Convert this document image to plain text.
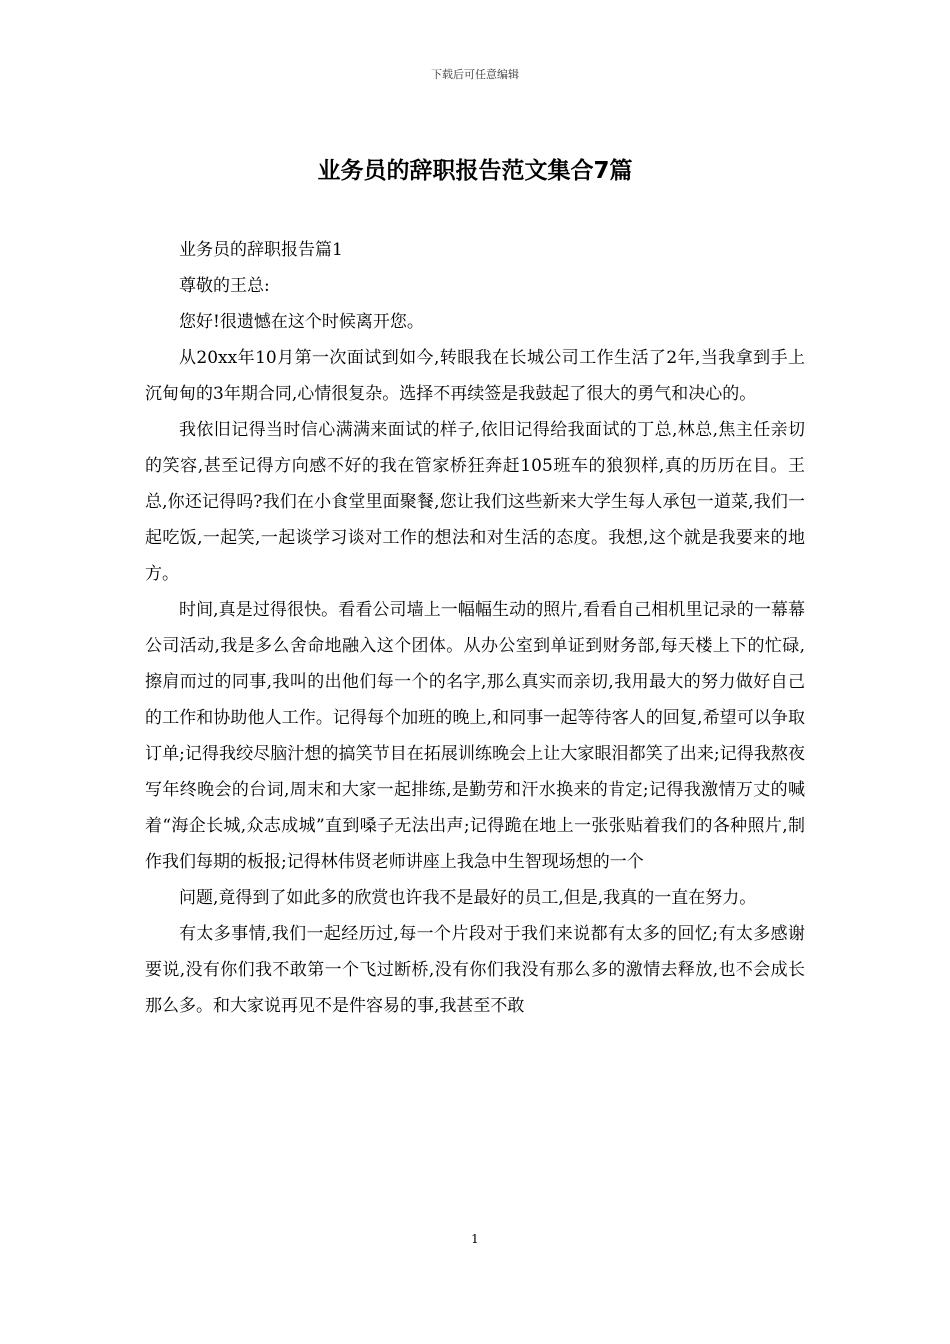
下载后可任意编辑
业务员的辞职报告范文集合7篇

业务员的辞职报告篇1

尊敬的王总:

您好!很遗憾在这个时候离开您。

从20xx年10月第一次面试到如今,转眼我在长城公司工作生活了2年,当我拿到手上沉甸甸的3年期合同,心情很复杂。选择不再续签是我鼓起了很大的勇气和决心的。

我依旧记得当时信心满满来面试的样子,依旧记得给我面试的丁总,林总,焦主任亲切的笑容,甚至记得方向感不好的我在管家桥狂奔赶105班车的狼狈样,真的历历在目。王总,你还记得吗?我们在小食堂里面聚餐,您让我们这些新来大学生每人承包一道菜,我们一起吃饭,一起笑,一起谈学习谈对工作的想法和对生活的态度。我想,这个就是我要来的地方。

时间,真是过得很快。看看公司墙上一幅幅生动的照片,看看自己相机里记录的一幕幕公司活动,我是多么舍命地融入这个团体。从办公室到单证到财务部,每天楼上下的忙碌,擦肩而过的同事,我叫的出他们每一个的名字,那么真实而亲切,我用最大的努力做好自己的工作和协助他人工作。记得每个加班的晚上,和同事一起等待客人的回复,希望可以争取订单;记得我绞尽脑汁想的搞笑节目在拓展训练晚会上让大家眼泪都笑了出来;记得我熬夜写年终晚会的台词,周末和大家一起排练,是勤劳和汗水换来的肯定;记得我激情万丈的喊着“海企长城,众志成城”直到嗓子无法出声;记得跪在地上一张张贴着我们的各种照片,制作我们每期的板报;记得林伟贤老师讲座上我急中生智现场想的一个

问题,竟得到了如此多的欣赏也许我不是最好的员工,但是,我真的一直在努力。

有太多事情,我们一起经历过,每一个片段对于我们来说都有太多的回忆;有太多感谢要说,没有你们我不敢第一个飞过断桥,没有你们我没有那么多的激情去释放,也不会成长那么多。和大家说再见不是件容易的事,我甚至不敢

1
